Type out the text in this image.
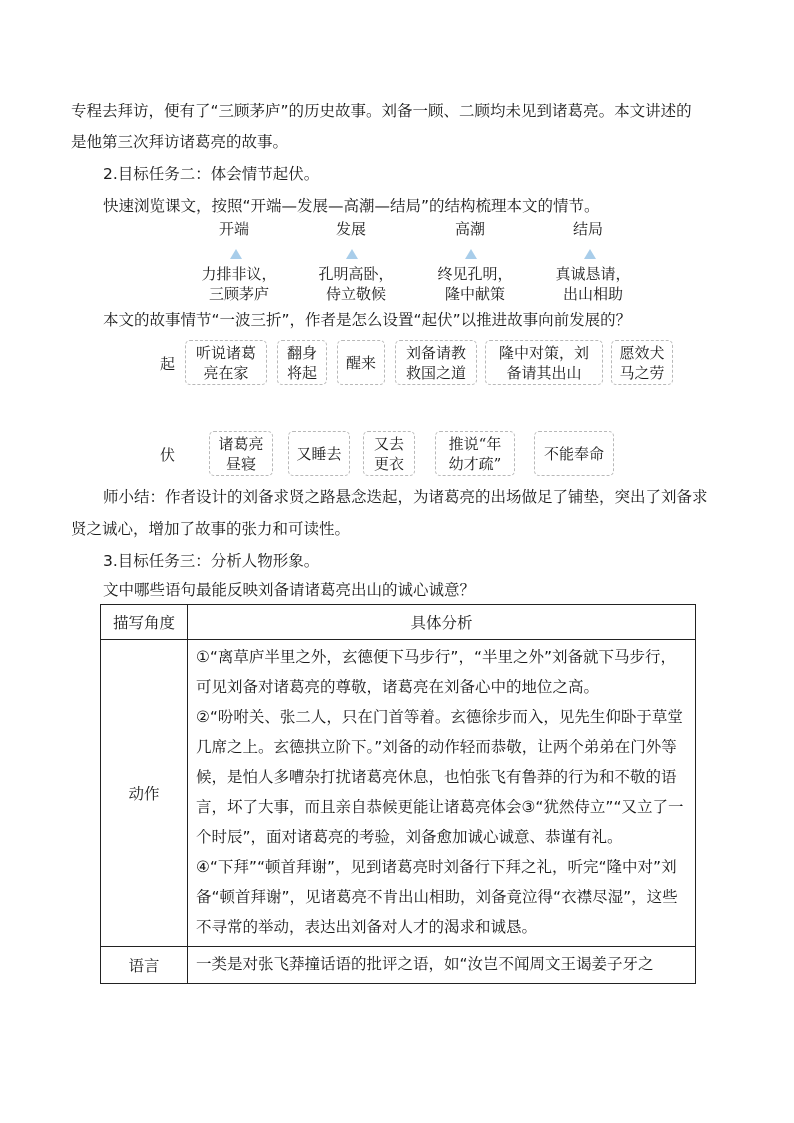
专程去拜访，便有了“三顾茅庐”的历史故事。刘备一顾、二顾均未见到诸葛亮。本文讲述的
是他第三次拜访诸葛亮的故事。
2.目标任务二：体会情节起伏。
快速浏览课文，按照“开端—发展—高潮—结局”的结构梳理本文的情节。
开端	发展	高潮	结局
力排非议，
三顾茅庐
孔明高卧，
侍立敬候
终见孔明，
隆中献策
真诚恳请，
出山相助
本文的故事情节“一波三折”，作者是怎么设置“起伏”以推进故事向前发展的？
起
听说诸葛
亮在家
翻身
将起
醒来
刘备请教
救国之道
隆中对策，刘
备请其出山
愿效犬
马之劳
伏
诸葛亮
昼寝
又睡去
又去
更衣
推说“年
幼才疏”
不能奉命
师小结：作者设计的刘备求贤之路悬念迭起，为诸葛亮的出场做足了铺垫，突出了刘备求
贤之诚心，增加了故事的张力和可读性。
3.目标任务三：分析人物形象。
文中哪些语句最能反映刘备请诸葛亮出山的诚心诚意？
描写角度	具体分析
动作	①“离草庐半里之外，玄德便下马步行”，“半里之外”刘备就下马步行，可见刘备对诸葛亮的尊敬，诸葛亮在刘备心中的地位之高。
②“吩咐关、张二人，只在门首等着。玄德徐步而入，见先生仰卧于草堂几席之上。玄德拱立阶下。”刘备的动作轻而恭敬，让两个弟弟在门外等候，是怕人多嘈杂打扰诸葛亮休息，也怕张飞有鲁莽的行为和不敬的语言，坏了大事，而且亲自恭候更能让诸葛亮体会③“犹然侍立”“又立了一个时辰”，面对诸葛亮的考验，刘备愈加诚心诚意、恭谨有礼。
④“下拜”“顿首拜谢”，见到诸葛亮时刘备行下拜之礼，听完“隆中对”刘备“顿首拜谢”，见诸葛亮不肯出山相助，刘备竟泣得“衣襟尽湿”，这些不寻常的举动，表达出刘备对人才的渴求和诚恳。

语言	一类是对张飞莽撞话语的批评之语，如“汝岂不闻周文王谒姜子牙之
